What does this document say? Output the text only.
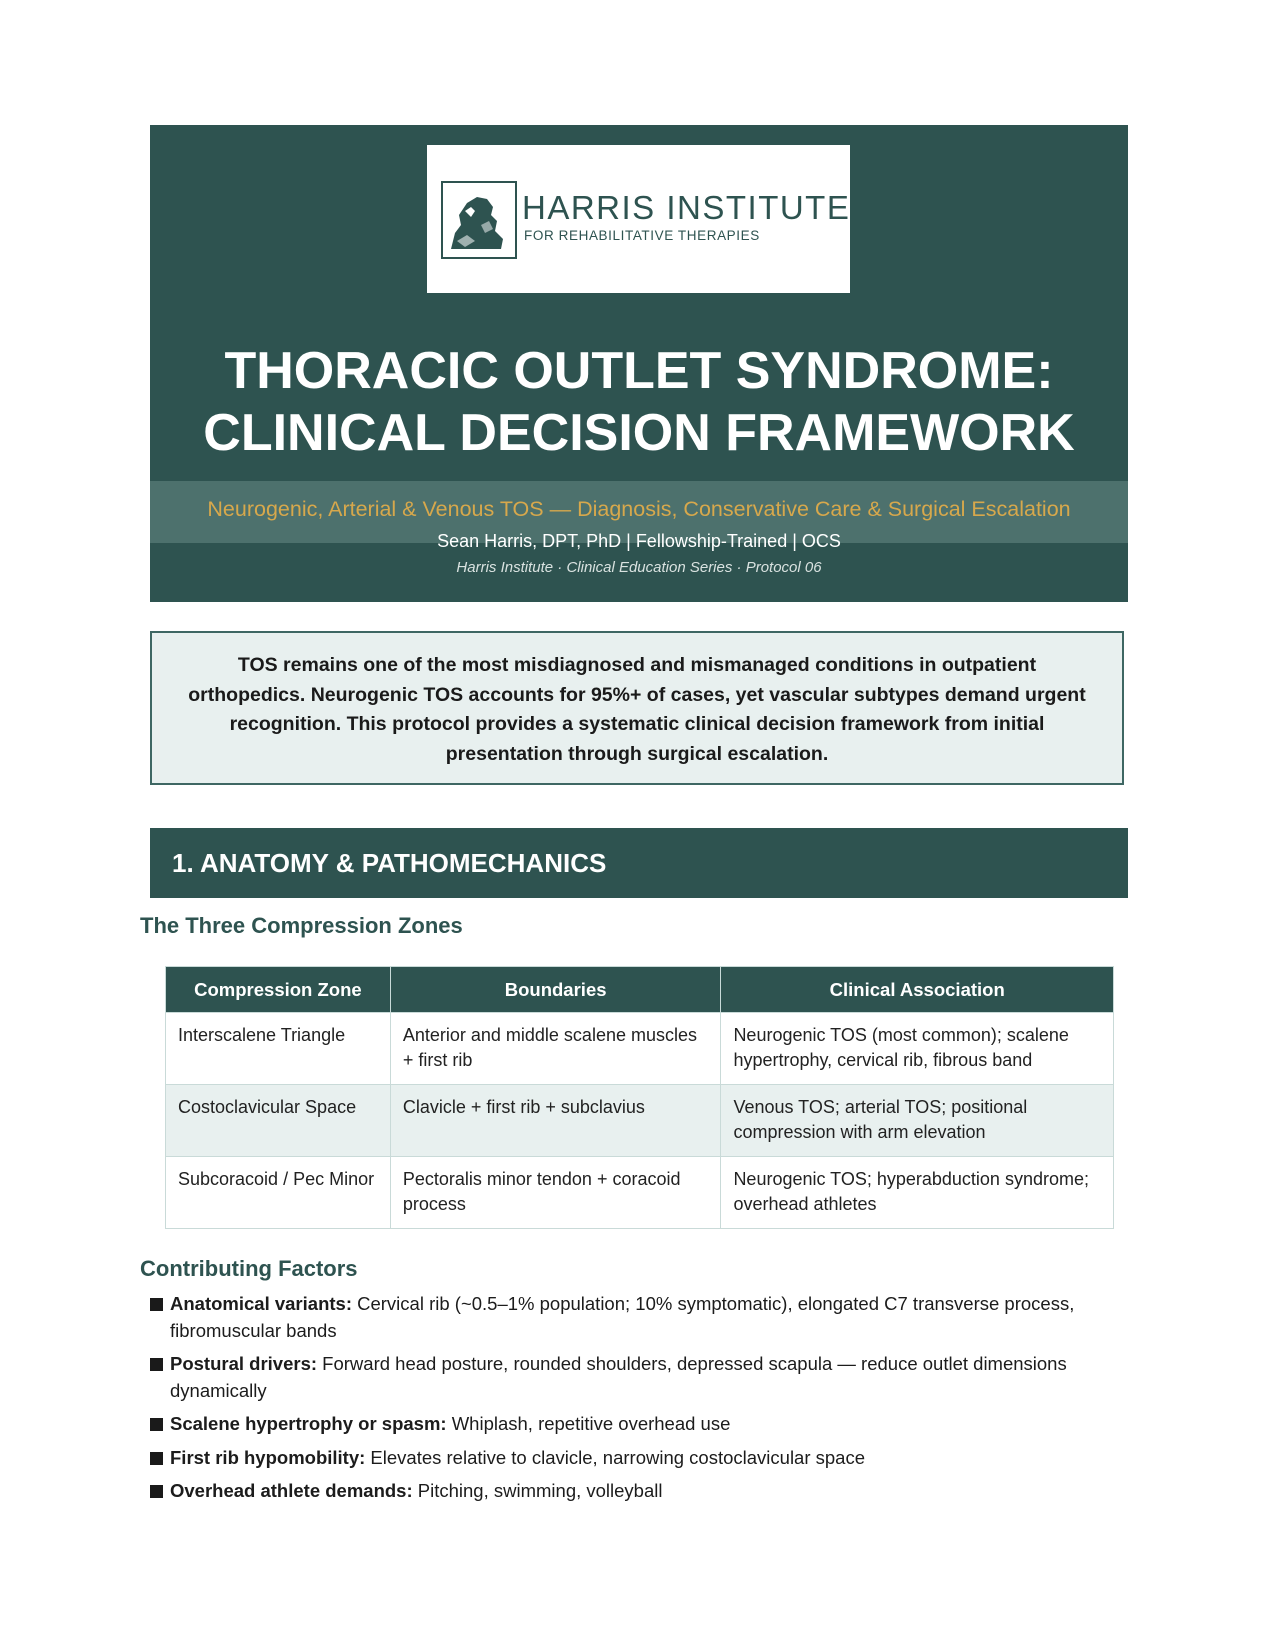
HARRIS INSTITUTE
FOR REHABILITATIVE THERAPIES
THORACIC OUTLET SYNDROME:
CLINICAL DECISION FRAMEWORK
Neurogenic, Arterial & Venous TOS — Diagnosis, Conservative Care & Surgical Escalation
Sean Harris, DPT, PhD | Fellowship-Trained | OCS
Harris Institute · Clinical Education Series · Protocol 06
TOS remains one of the most misdiagnosed and mismanaged conditions in outpatient orthopedics. Neurogenic TOS accounts for 95%+ of cases, yet vascular subtypes demand urgent recognition. This protocol provides a systematic clinical decision framework from initial presentation through surgical escalation.
1. ANATOMY & PATHOMECHANICS
The Three Compression Zones
Compression Zone	Boundaries	Clinical Association
Interscalene Triangle	Anterior and middle scalene muscles + first rib	Neurogenic TOS (most common); scalene hypertrophy, cervical rib, fibrous band
Costoclavicular Space	Clavicle + first rib + subclavius	Venous TOS; arterial TOS; positional compression with arm elevation
Subcoracoid / Pec Minor	Pectoralis minor tendon + coracoid process	Neurogenic TOS; hyperabduction syndrome; overhead athletes
Contributing Factors
Anatomical variants: Cervical rib (~0.5–1% population; 10% symptomatic), elongated C7 transverse process, fibromuscular bands
Postural drivers: Forward head posture, rounded shoulders, depressed scapula — reduce outlet dimensions dynamically
Scalene hypertrophy or spasm: Whiplash, repetitive overhead use
First rib hypomobility: Elevates relative to clavicle, narrowing costoclavicular space
Overhead athlete demands: Pitching, swimming, volleyball
